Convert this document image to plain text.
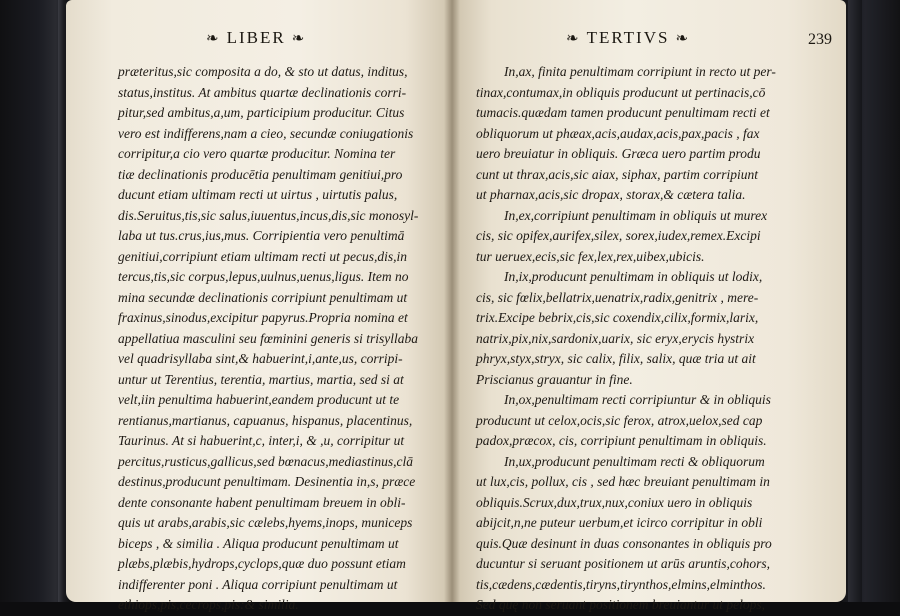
❧ LIBER ❧
præteritus,sic composita a do, & sto ut datus, inditus,
status,institus. At ambitus quartæ declinationis corri-
pitur,sed ambitus,a,um, participium producitur. Citus
vero est indifferens,nam a cieo, secundæ coniugationis
corripitur,a cio vero quartæ producitur. Nomina ter
tiæ declinationis producētia penultimam genitiui,pro
ducunt etiam ultimam recti ut uirtus , uirtutis palus,
dis.Seruitus,tis,sic salus,iuuentus,incus,dis,sic monosyl-
laba ut tus.crus,ius,mus. Corripientia vero penultimā
genitiui,corripiunt etiam ultimam recti ut pecus,dis,in
tercus,tis,sic corpus,lepus,uulnus,uenus,ligus. Item no
mina secundæ declinationis corripiunt penultimam ut
fraxinus,sinodus,excipitur papyrus.Propria nomina et
appellatiua masculini seu fœminini generis si trisyllaba
vel quadrisyllaba sint,& habuerint,i,ante,us, corripi-
untur ut Terentius, terentia, martius, martia, sed si at
velt,iin penultima habuerint,eandem producunt ut te
rentianus,martianus, capuanus, hispanus, placentinus,
Taurinus. At si habuerint,c, inter,i, & ,u, corripitur ut
percitus,rusticus,gallicus,sed bœnacus,mediastinus,clā
destinus,producunt penultimam. Desinentia in,s, præce
dente consonante habent penultimam breuem in obli-
quis ut arabs,arabis,sic cælebs,hyems,inops, municeps
biceps , & similia . Aliqua producunt penultimam ut
plæbs,plæbis,hydrops,cyclops,quæ duo possunt etiam
indifferenter poni . Aliqua corripiunt penultimam ut
ethiops,pis,cecrops,pis:& similia.
❧ TERTIVS ❧	239
In,ax, finita penultimam corripiunt in recto ut per-
tinax,contumax,in obliquis producunt ut pertinacis,cō
tumacis.quædam tamen producunt penultimam recti et
obliquorum ut phæax,acis,audax,acis,pax,pacis , fax
uero breuiatur in obliquis. Græca uero partim produ
cunt ut thrax,acis,sic aiax, siphax, partim corripiunt
ut pharnax,acis,sic dropax, storax,& cætera talia.
In,ex,corripiunt penultimam in obliquis ut murex
cis, sic opifex,aurifex,silex, sorex,iudex,remex.Excipi
tur ueruex,ecis,sic fex,lex,rex,uibex,ubicis.
In,ix,producunt penultimam in obliquis ut lodix,
cis, sic fœlix,bellatrix,uenatrix,radix,genitrix , mere-
trix.Excipe bebrix,cis,sic coxendix,cilix,formix,larix,
natrix,pix,nix,sardonix,uarix, sic eryx,erycis hystrix
phryx,styx,stryx, sic calix, filix, salix, quæ tria ut ait
Priscianus grauantur in fine.
In,ox,penultimam recti corripiuntur & in obliquis
producunt ut celox,ocis,sic ferox, atrox,uelox,sed cap
padox,præcox, cis, corripiunt penultimam in obliquis.
In,ux,producunt penultimam recti & obliquorum
ut lux,cis, pollux, cis , sed hæc breuiant penultimam in
obliquis.Scrux,dux,trux,nux,coniux uero in obliquis
abijcit,n,ne puteur uerbum,et icirco corripitur in obli
quis.Quæ desinunt in duas consonantes in obliquis pro
ducuntur si seruant positionem ut arūs aruntis,cohors,
tis,cædens,cædentis,tiryns,tirynthos,elmins,elminthos.
Sed quę non seruant positionem breuiantur ut pelops,
